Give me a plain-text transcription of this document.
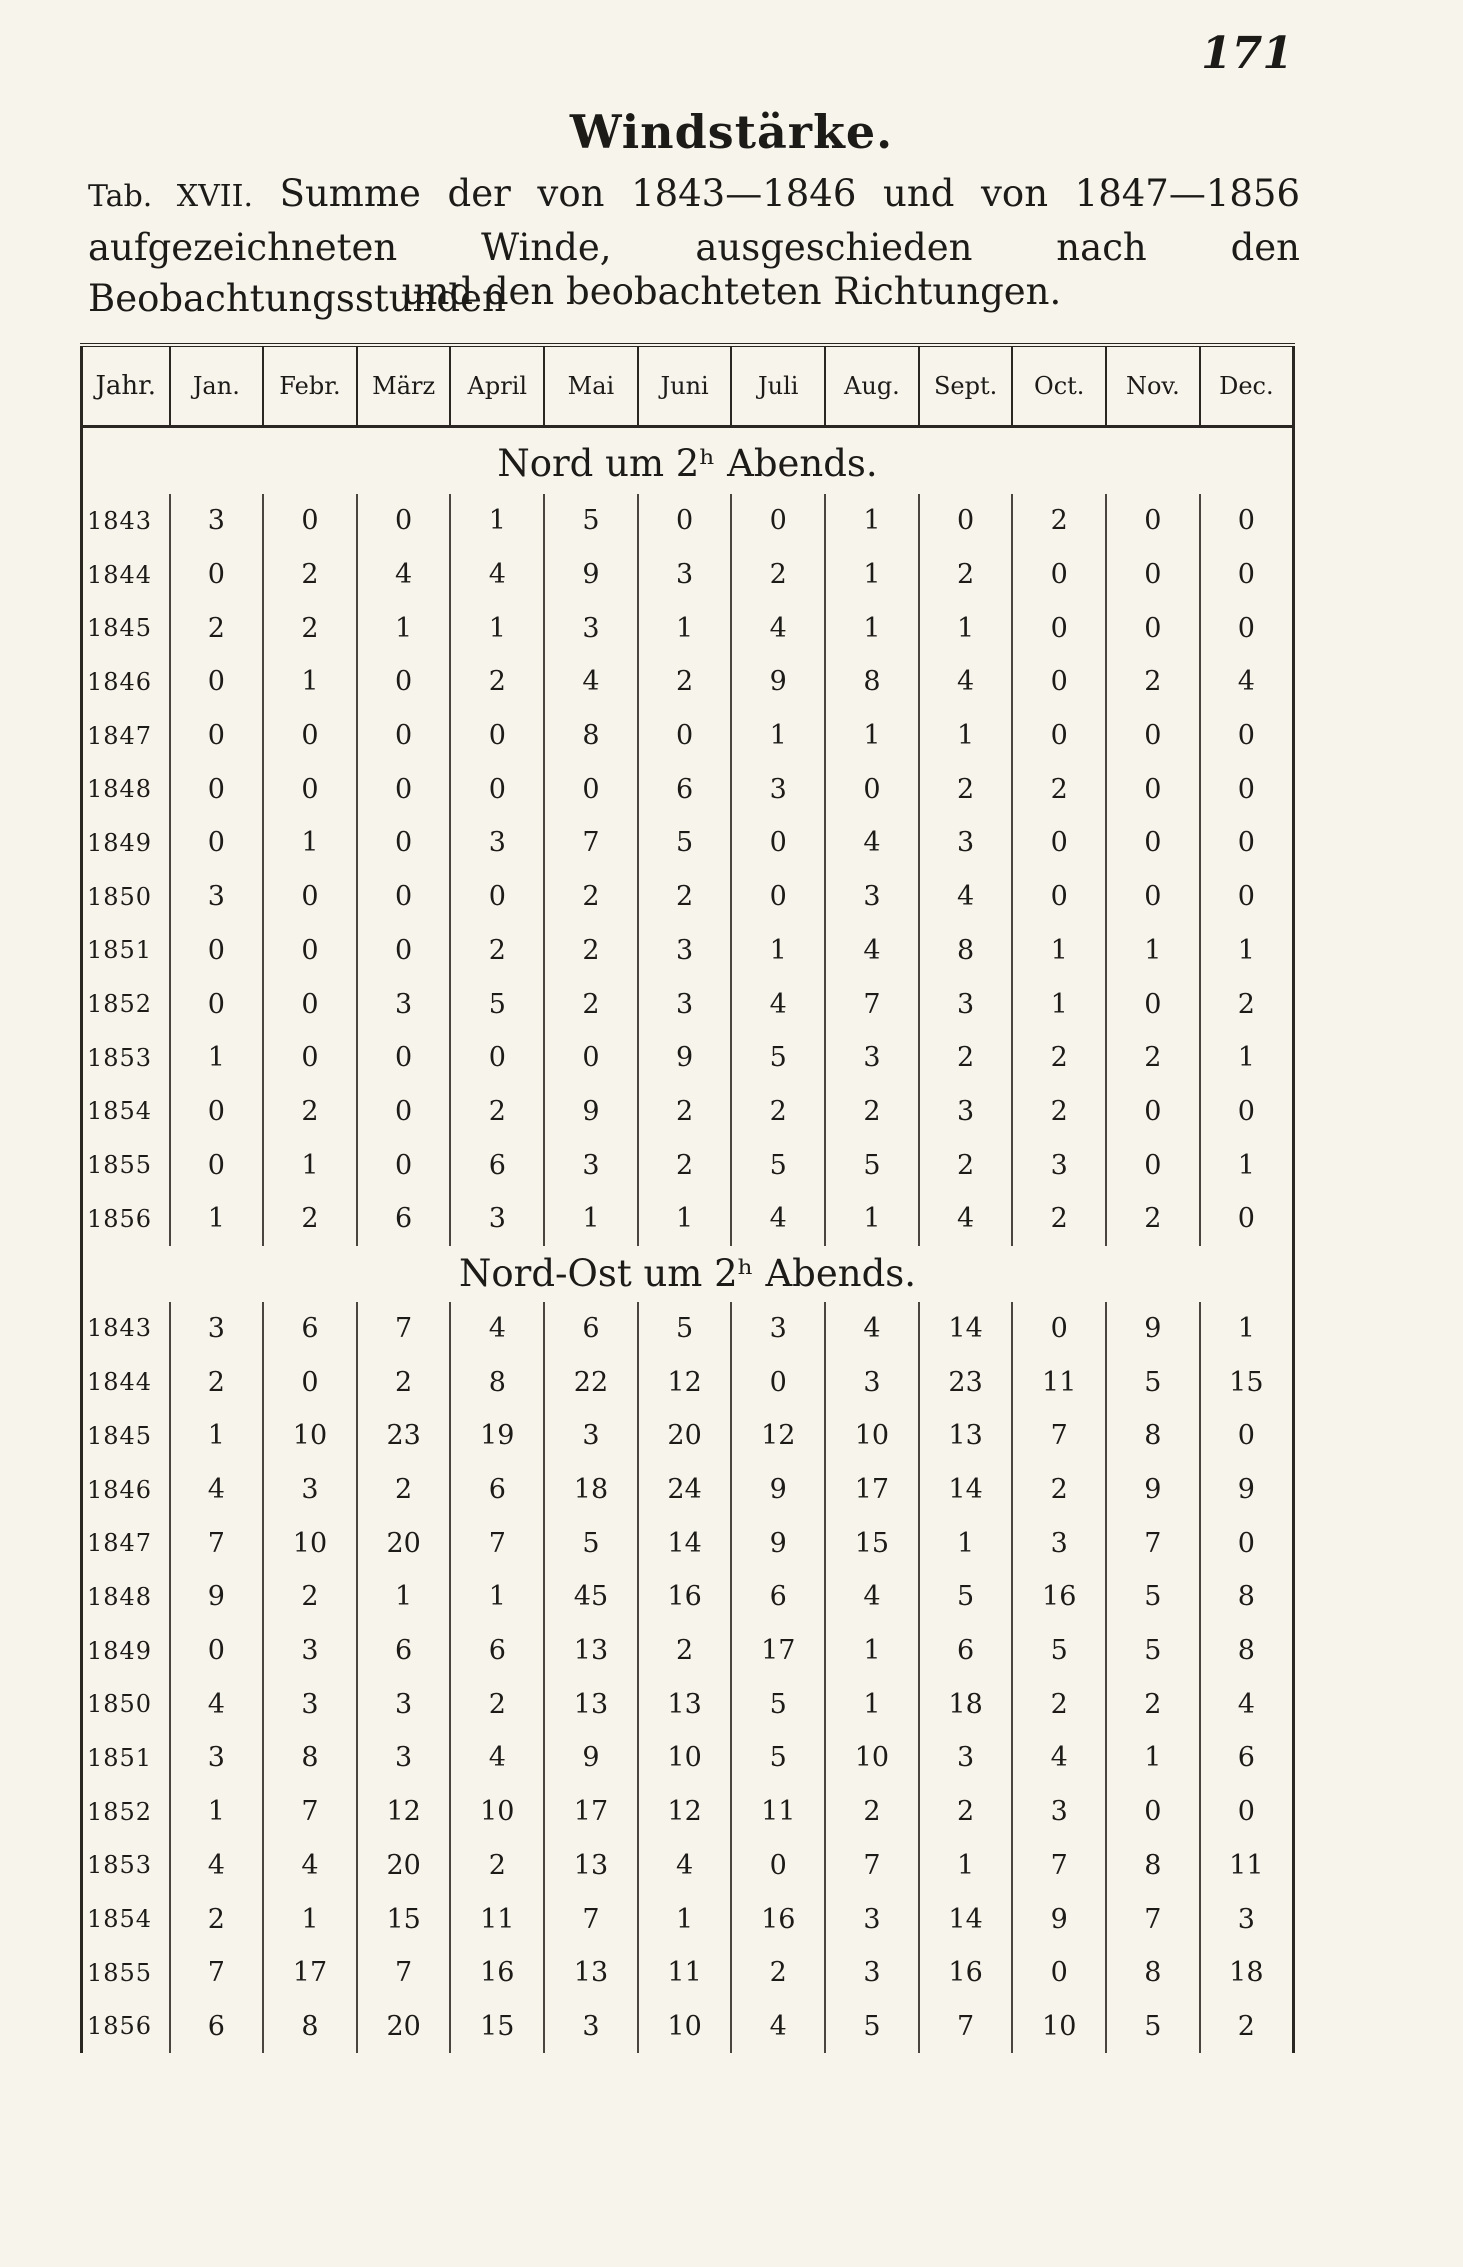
171
Windstärke.
Tab. XVII. Summe der von 1843—1846 und von 1847—1856 aufgezeichneten Winde, ausgeschieden nach den Beobachtungsstunden
und den beobachteten Richtungen.
Jahr.	Jan.	Febr.	März	April	Mai	Juni	Juli	Aug.	Sept.	Oct.	Nov.	Dec.
Nord um 2ʰ Abends.												
1843	3	0	0	1	5	0	0	1	0	2	0	0
1844	0	2	4	4	9	3	2	1	2	0	0	0
1845	2	2	1	1	3	1	4	1	1	0	0	0
1846	0	1	0	2	4	2	9	8	4	0	2	4
1847	0	0	0	0	8	0	1	1	1	0	0	0
1848	0	0	0	0	0	6	3	0	2	2	0	0
1849	0	1	0	3	7	5	0	4	3	0	0	0
1850	3	0	0	0	2	2	0	3	4	0	0	0
1851	0	0	0	2	2	3	1	4	8	1	1	1
1852	0	0	3	5	2	3	4	7	3	1	0	2
1853	1	0	0	0	0	9	5	3	2	2	2	1
1854	0	2	0	2	9	2	2	2	3	2	0	0
1855	0	1	0	6	3	2	5	5	2	3	0	1
1856	1	2	6	3	1	1	4	1	4	2	2	0
Nord-Ost um 2ʰ Abends.												
1843	3	6	7	4	6	5	3	4	14	0	9	1
1844	2	0	2	8	22	12	0	3	23	11	5	15
1845	1	10	23	19	3	20	12	10	13	7	8	0
1846	4	3	2	6	18	24	9	17	14	2	9	9
1847	7	10	20	7	5	14	9	15	1	3	7	0
1848	9	2	1	1	45	16	6	4	5	16	5	8
1849	0	3	6	6	13	2	17	1	6	5	5	8
1850	4	3	3	2	13	13	5	1	18	2	2	4
1851	3	8	3	4	9	10	5	10	3	4	1	6
1852	1	7	12	10	17	12	11	2	2	3	0	0
1853	4	4	20	2	13	4	0	7	1	7	8	11
1854	2	1	15	11	7	1	16	3	14	9	7	3
1855	7	17	7	16	13	11	2	3	16	0	8	18
1856	6	8	20	15	3	10	4	5	7	10	5	2
